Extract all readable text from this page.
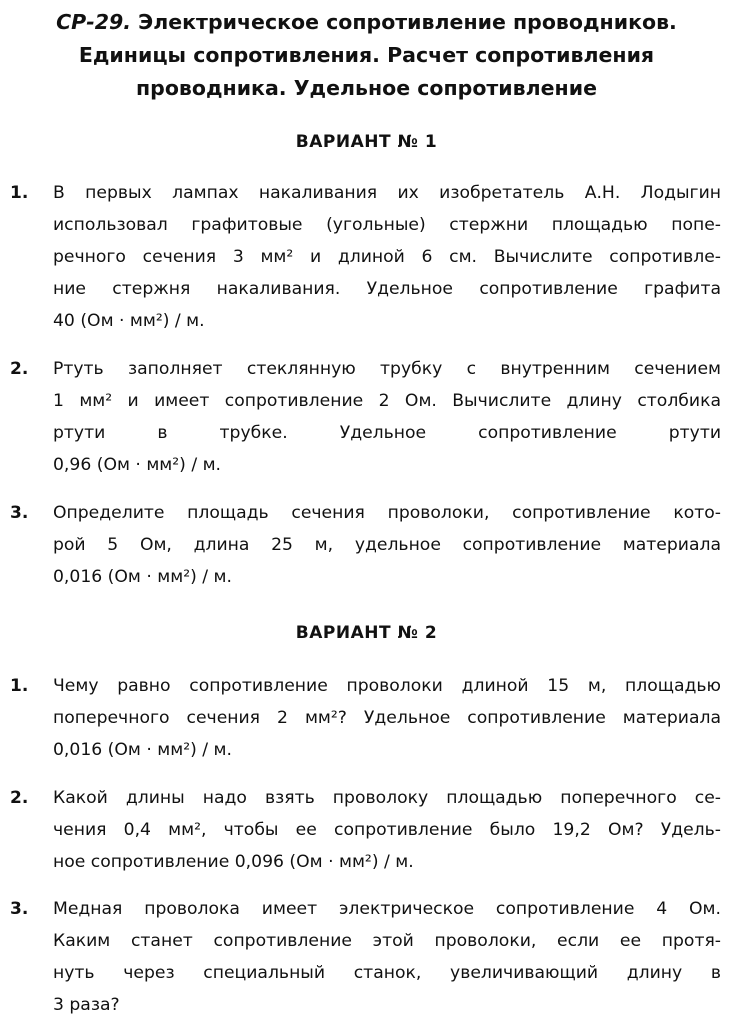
СР-29. Электрическое сопротивление проводников.
Единицы сопротивления. Расчет сопротивления
проводника. Удельное сопротивление
ВАРИАНТ № 1
1. В первых лампах накаливания их изобретатель А.Н. Лодыгин
использовал графитовые (угольные) стержни площадью попе-
речного сечения 3 мм² и длиной 6 см. Вычислите сопротивле-
ние стержня накаливания. Удельное сопротивление графита
40 (Ом · мм²) / м.
2. Ртуть заполняет стеклянную трубку с внутренним сечением
1 мм² и имеет сопротивление 2 Ом. Вычислите длину столбика
ртути в трубке. Удельное сопротивление ртути
0,96 (Ом · мм²) / м.
3. Определите площадь сечения проволоки, сопротивление кото-
рой 5 Ом, длина 25 м, удельное сопротивление материала
0,016 (Ом · мм²) / м.
ВАРИАНТ № 2
1. Чему равно сопротивление проволоки длиной 15 м, площадью
поперечного сечения 2 мм²? Удельное сопротивление материала
0,016 (Ом · мм²) / м.
2. Какой длины надо взять проволоку площадью поперечного се-
чения 0,4 мм², чтобы ее сопротивление было 19,2 Ом? Удель-
ное сопротивление 0,096 (Ом · мм²) / м.
3. Медная проволока имеет электрическое сопротивление 4 Ом.
Каким станет сопротивление этой проволоки, если ее протя-
нуть через специальный станок, увеличивающий длину в
3 раза?
